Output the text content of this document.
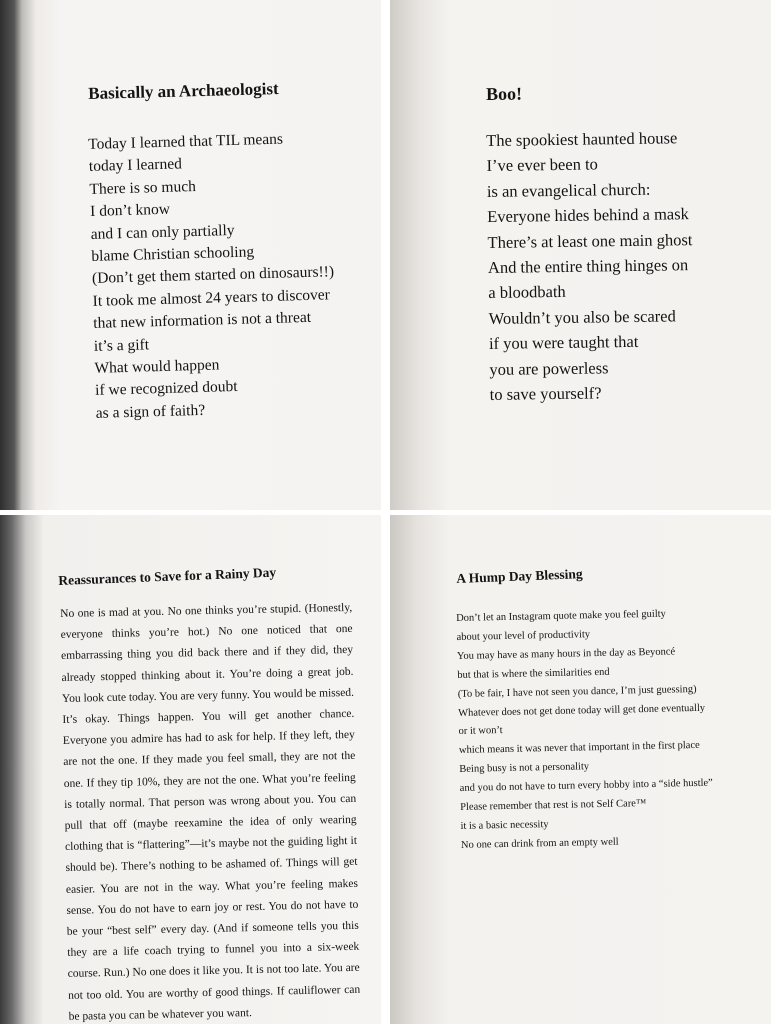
Basically an Archaeologist
Today I learned that TIL means
today I learned
There is so much
I don’t know
and I can only partially
blame Christian schooling
(Don’t get them started on dinosaurs!!)
It took me almost 24 years to discover
that new information is not a threat
it’s a gift
What would happen
if we recognized doubt
as a sign of faith?
Boo!
The spookiest haunted house
I’ve ever been to
is an evangelical church:
Everyone hides behind a mask
There’s at least one main ghost
And the entire thing hinges on
a bloodbath
Wouldn’t you also be scared
if you were taught that
you are powerless
to save yourself?
Reassurances to Save for a Rainy Day
No one is mad at you. No one thinks you’re stupid. (Honestly, everyone thinks you’re hot.) No one noticed that one embarrassing thing you did back there and if they did, they already stopped thinking about it. You’re doing a great job. You look cute today. You are very funny. You would be missed. It’s okay. Things happen. You will get another chance. Everyone you admire has had to ask for help. If they left, they are not the one. If they made you feel small, they are not the one. If they tip 10%, they are not the one. What you’re feeling is totally normal. That person was wrong about you. You can pull that off (maybe reexamine the idea of only wearing clothing that is “flattering”—it’s maybe not the guiding light it should be). There’s nothing to be ashamed of. Things will get easier. You are not in the way. What you’re feeling makes sense. You do not have to earn joy or rest. You do not have to be your “best self” every day. (And if someone tells you this they are a life coach trying to funnel you into a six-week course. Run.) No one does it like you. It is not too late. You are not too old. You are worthy of good things. If cauliflower can be pasta you can be whatever you want.
A Hump Day Blessing
Don’t let an Instagram quote make you feel guilty
about your level of productivity
You may have as many hours in the day as Beyoncé
but that is where the similarities end
(To be fair, I have not seen you dance, I’m just guessing)
Whatever does not get done today will get done eventually
or it won’t
which means it was never that important in the first place
Being busy is not a personality
and you do not have to turn every hobby into a “side hustle”
Please remember that rest is not Self Care™
it is a basic necessity
No one can drink from an empty well
